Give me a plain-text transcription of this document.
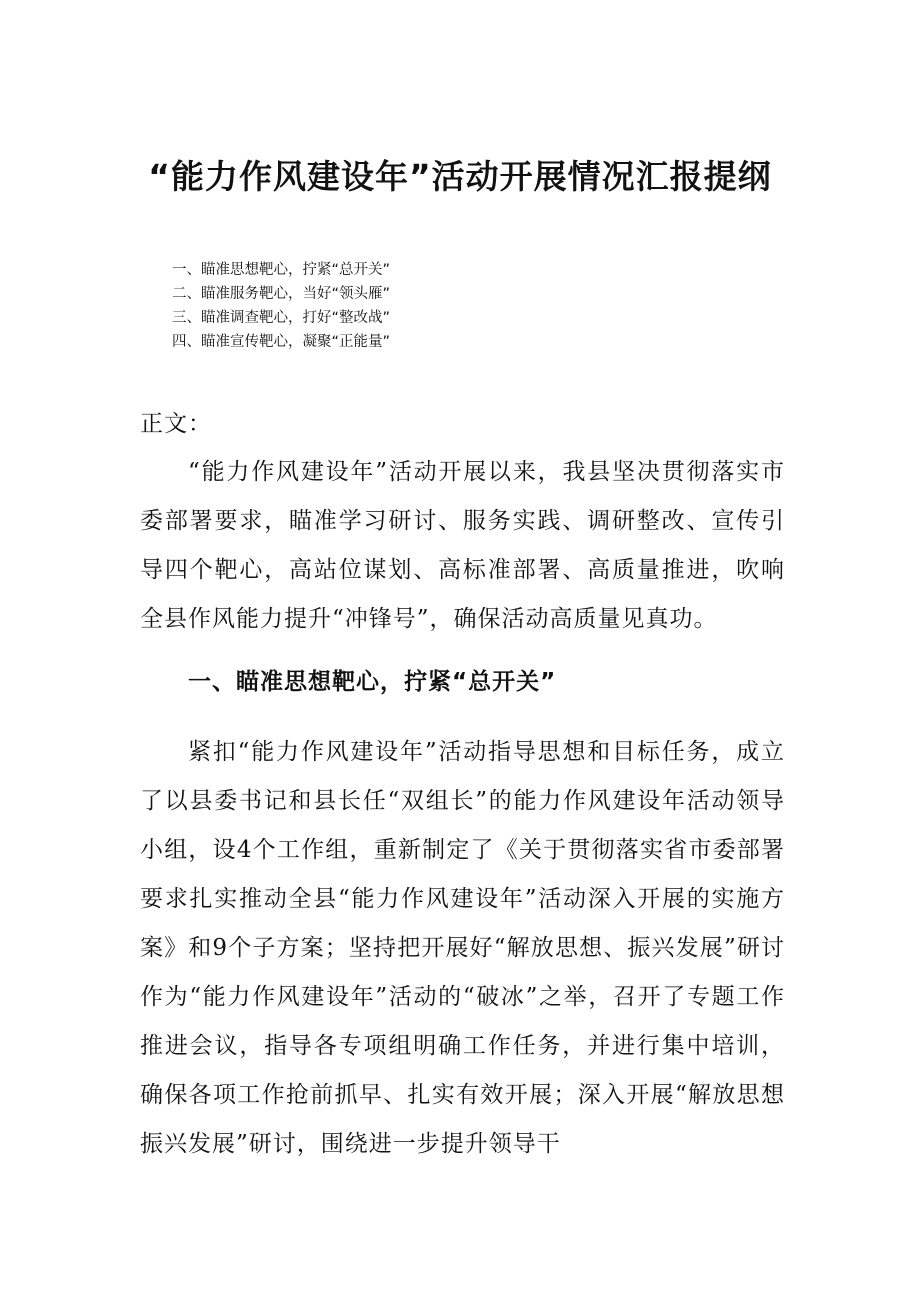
“能力作风建设年”活动开展情况汇报提纲
一、瞄准思想靶心，拧紧“总开关”
二、瞄准服务靶心，当好“领头雁”
三、瞄准调查靶心，打好“整改战”
四、瞄准宣传靶心，凝聚“正能量”
正文：
“能力作风建设年”活动开展以来，我县坚决贯彻落实市委部署要求，瞄准学习研讨、服务实践、调研整改、宣传引导四个靶心，高站位谋划、高标准部署、高质量推进，吹响全县作风能力提升“冲锋号”，确保活动高质量见真功。
一、瞄准思想靶心，拧紧“总开关”
紧扣“能力作风建设年”活动指导思想和目标任务，成立了以县委书记和县长任“双组长”的能力作风建设年活动领导小组，设4个工作组，重新制定了《关于贯彻落实省市委部署要求扎实推动全县“能力作风建设年”活动深入开展的实施方案》和9个子方案；坚持把开展好“解放思想、振兴发展”研讨作为“能力作风建设年”活动的“破冰”之举，召开了专题工作推进会议，指导各专项组明确工作任务，并进行集中培训，确保各项工作抢前抓早、扎实有效开展；深入开展“解放思想 振兴发展”研讨，围绕进一步提升领导干
